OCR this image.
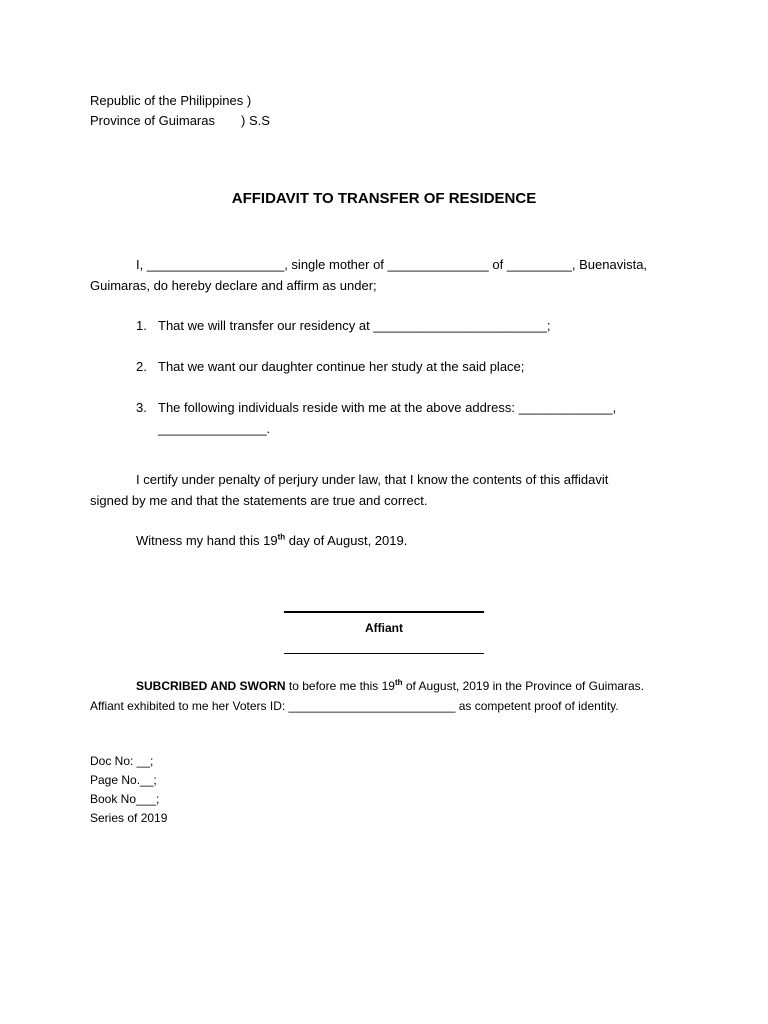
Republic of the Philippines )
Province of Guimaras ) S.S
AFFIDAVIT TO TRANSFER OF RESIDENCE
I, ___________________, single mother of ______________ of _________, Buenavista,
Guimaras, do hereby declare and affirm as under;
1. That we will transfer our residency at ________________________;
2. That we want our daughter continue her study at the said place;
3. The following individuals reside with me at the above address: _____________,
_______________.
I certify under penalty of perjury under law, that I know the contents of this affidavit
signed by me and that the statements are true and correct.
Witness my hand this 19th day of August, 2019.
Affiant
SUBCRIBED AND SWORN to before me this 19th of August, 2019 in the Province of Guimaras.
Affiant exhibited to me her Voters ID: _________________________ as competent proof of identity.
Doc No: __;
Page No.__;
Book No___;
Series of 2019
